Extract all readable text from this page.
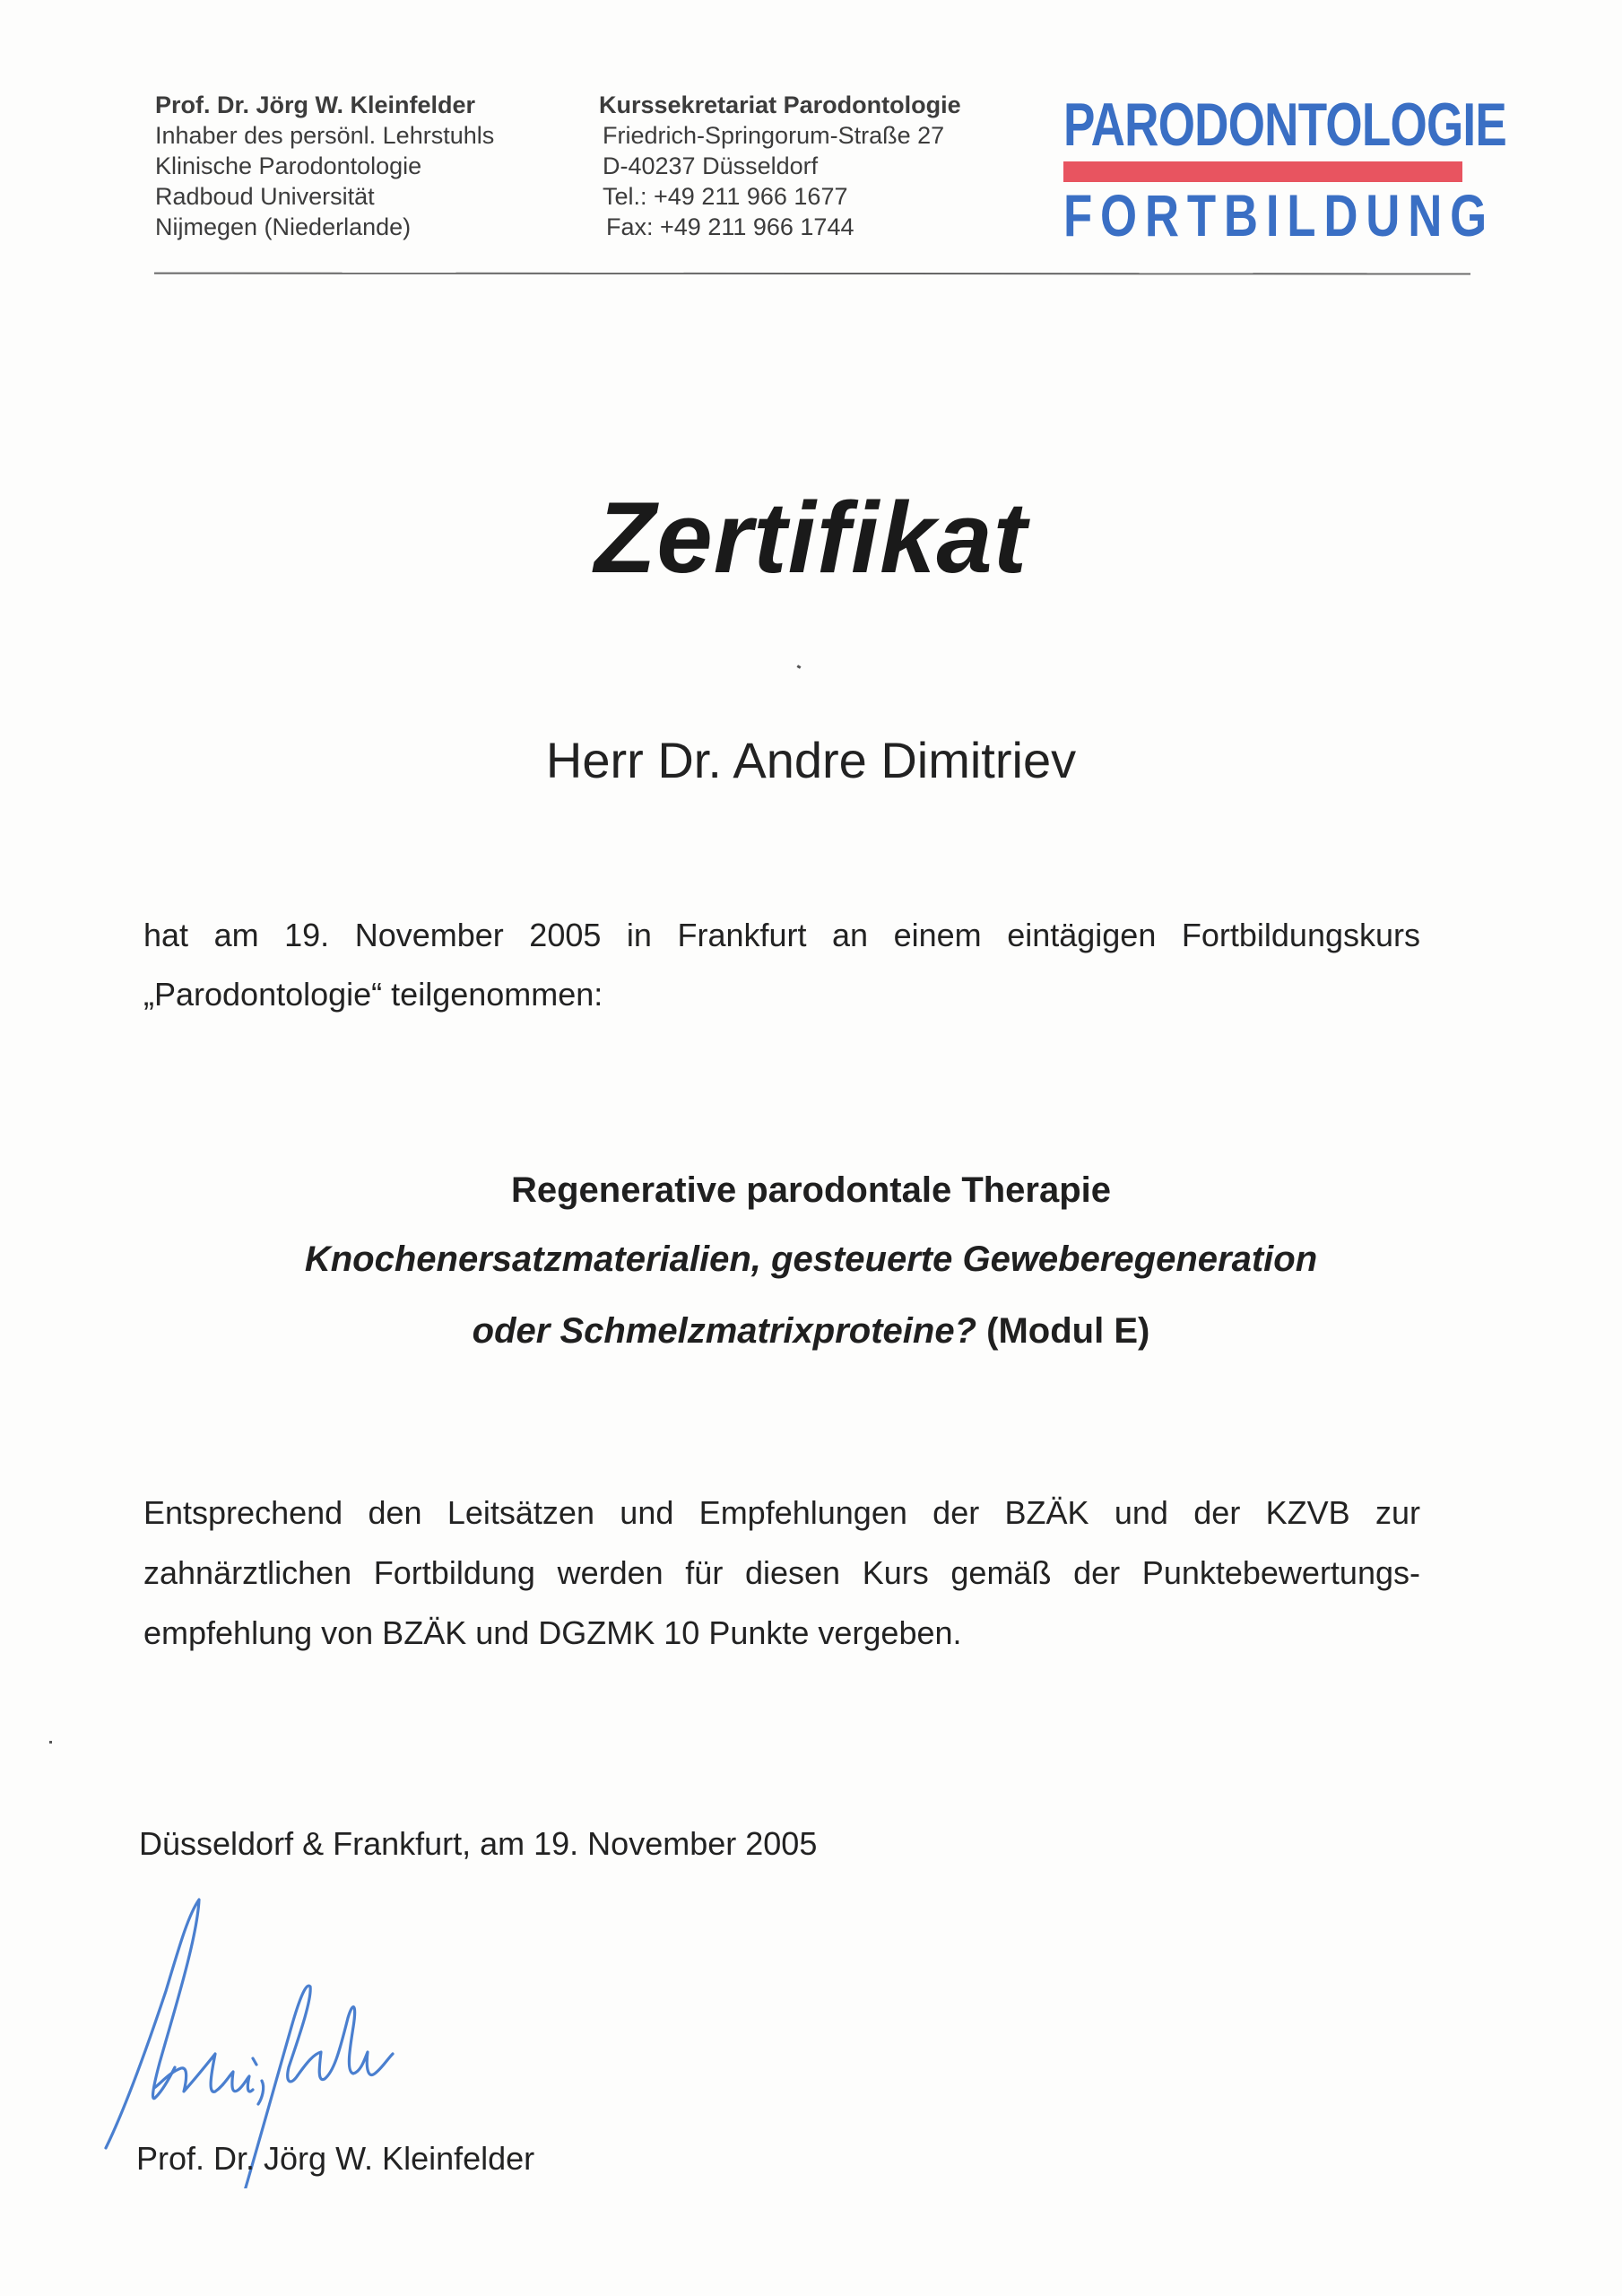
Prof. Dr. Jörg W. Kleinfelder
Inhaber des persönl. Lehrstuhls
Klinische Parodontologie
Radboud Universität
Nijmegen (Niederlande)
Kurssekretariat Parodontologie
Friedrich-Springorum-Straße 27
D-40237 Düsseldorf
Tel.: +49 211 966 1677
Fax: +49 211 966 1744
PARODONTOLOGIE
FORTBILDUNG
Zertifikat
Herr Dr. Andre Dimitriev
hat am 19. November 2005 in Frankfurt an einem eintägigen Fortbildungskurs
„Parodontologie“ teilgenommen:
Regenerative parodontale Therapie
Knochenersatzmaterialien, gesteuerte Geweberegeneration
oder Schmelzmatrixproteine? (Modul E)
Entsprechend den Leitsätzen und Empfehlungen der BZÄK und der KZVB zur
zahnärztlichen Fortbildung werden für diesen Kurs gemäß der Punktebewertungs-
empfehlung von BZÄK und DGZMK 10 Punkte vergeben.
Düsseldorf & Frankfurt, am 19. November 2005
Prof. Dr. Jörg W. Kleinfelder
